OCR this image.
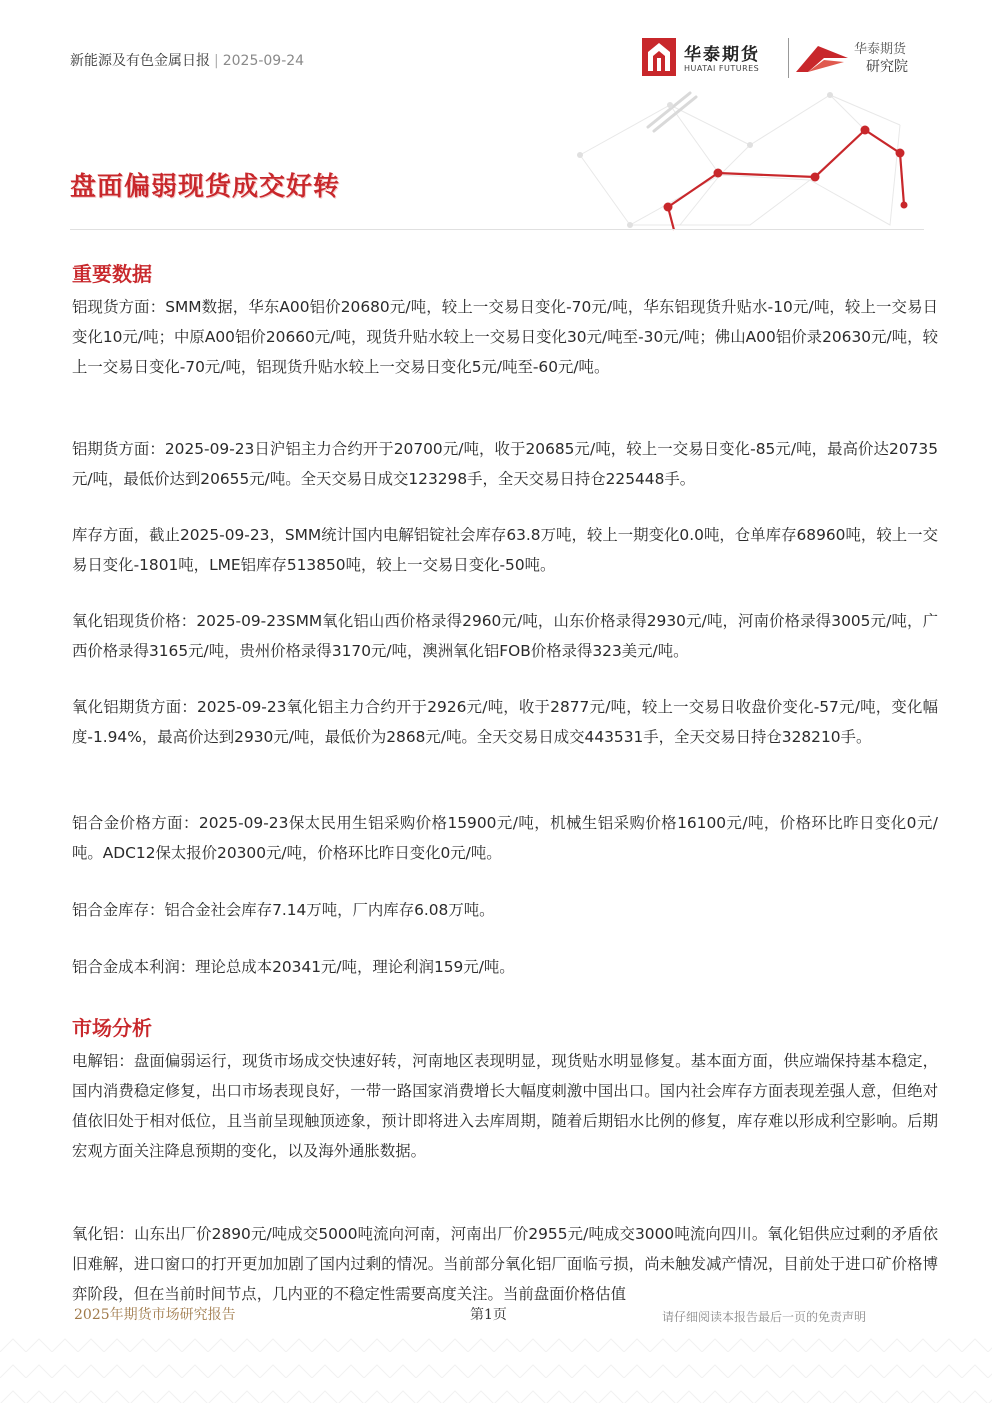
新能源及有色金属日报 | 2025-09-24	华泰期货
HUATAI FUTURES
华泰期货
研究院
盘面偏弱现货成交好转
重要数据
铝现货方面：SMM数据，华东A00铝价20680元/吨，较上一交易日变化-70元/吨，华东铝现货升贴水-10元/吨，较上一交易日变化10元/吨；中原A00铝价20660元/吨，现货升贴水较上一交易日变化30元/吨至-30元/吨；佛山A00铝价录20630元/吨，较上一交易日变化-70元/吨，铝现货升贴水较上一交易日变化5元/吨至-60元/吨。
铝期货方面：2025-09-23日沪铝主力合约开于20700元/吨，收于20685元/吨，较上一交易日变化-85元/吨，最高价达20735元/吨，最低价达到20655元/吨。全天交易日成交123298手，全天交易日持仓225448手。
库存方面，截止2025-09-23，SMM统计国内电解铝锭社会库存63.8万吨，较上一期变化0.0吨，仓单库存68960吨，较上一交易日变化-1801吨，LME铝库存513850吨，较上一交易日变化-50吨。
氧化铝现货价格：2025-09-23SMM氧化铝山西价格录得2960元/吨，山东价格录得2930元/吨，河南价格录得3005元/吨，广西价格录得3165元/吨，贵州价格录得3170元/吨，澳洲氧化铝FOB价格录得323美元/吨。
氧化铝期货方面：2025-09-23氧化铝主力合约开于2926元/吨，收于2877元/吨，较上一交易日收盘价变化-57元/吨，变化幅度-1.94%，最高价达到2930元/吨，最低价为2868元/吨。全天交易日成交443531手，全天交易日持仓328210手。
铝合金价格方面：2025-09-23保太民用生铝采购价格15900元/吨，机械生铝采购价格16100元/吨，价格环比昨日变化0元/吨。ADC12保太报价20300元/吨，价格环比昨日变化0元/吨。
铝合金库存：铝合金社会库存7.14万吨，厂内库存6.08万吨。
铝合金成本利润：理论总成本20341元/吨，理论利润159元/吨。
市场分析
电解铝：盘面偏弱运行，现货市场成交快速好转，河南地区表现明显，现货贴水明显修复。基本面方面，供应端保持基本稳定，国内消费稳定修复，出口市场表现良好，一带一路国家消费增长大幅度刺激中国出口。国内社会库存方面表现差强人意，但绝对值依旧处于相对低位，且当前呈现触顶迹象，预计即将进入去库周期，随着后期铝水比例的修复，库存难以形成利空影响。后期宏观方面关注降息预期的变化，以及海外通胀数据。
氧化铝：山东出厂价2890元/吨成交5000吨流向河南，河南出厂价2955元/吨成交3000吨流向四川。氧化铝供应过剩的矛盾依旧难解，进口窗口的打开更加加剧了国内过剩的情况。当前部分氧化铝厂面临亏损，尚未触发减产情况，目前处于进口矿价格博弈阶段，但在当前时间节点，几内亚的不稳定性需要高度关注。当前盘面价格估值
2025年期货市场研究报告	第1页	请仔细阅读本报告最后一页的免责声明
